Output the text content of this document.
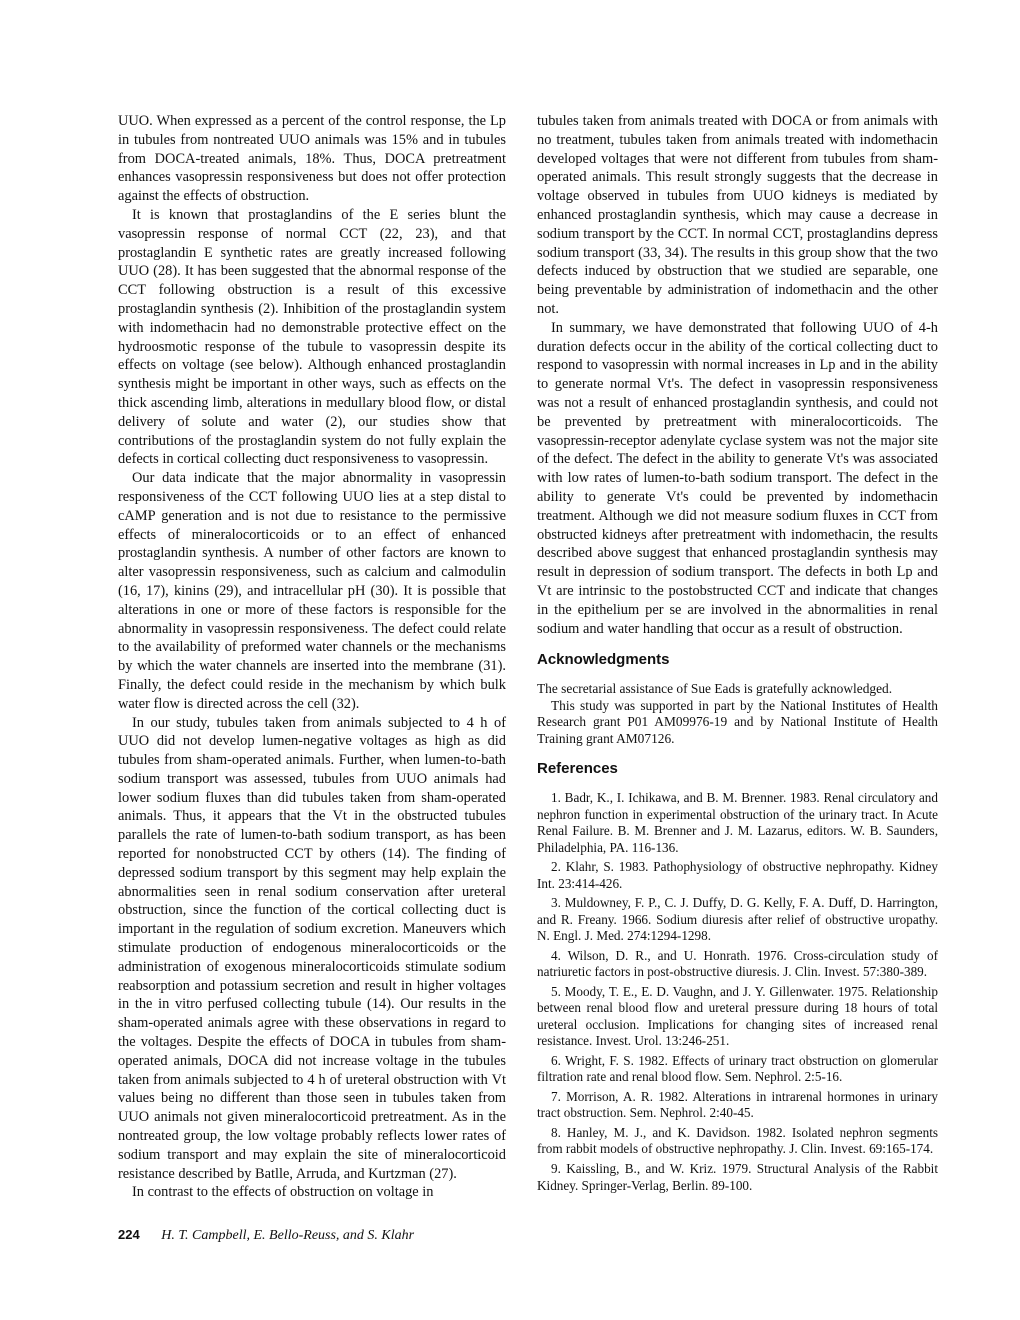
UUO. When expressed as a percent of the control response, the Lp in tubules from nontreated UUO animals was 15% and in tubules from DOCA-treated animals, 18%. Thus, DOCA pretreatment enhances vasopressin responsiveness but does not offer protection against the effects of obstruction.

It is known that prostaglandins of the E series blunt the vasopressin response of normal CCT (22, 23), and that prostaglandin E synthetic rates are greatly increased following UUO (28). It has been suggested that the abnormal response of the CCT following obstruction is a result of this excessive prostaglandin synthesis (2). Inhibition of the prostaglandin system with indomethacin had no demonstrable protective effect on the hydroosmotic response of the tubule to vasopressin despite its effects on voltage (see below). Although enhanced prostaglandin synthesis might be important in other ways, such as effects on the thick ascending limb, alterations in medullary blood flow, or distal delivery of solute and water (2), our studies show that contributions of the prostaglandin system do not fully explain the defects in cortical collecting duct responsiveness to vasopressin.

Our data indicate that the major abnormality in vasopressin responsiveness of the CCT following UUO lies at a step distal to cAMP generation and is not due to resistance to the permissive effects of mineralocorticoids or to an effect of enhanced prostaglandin synthesis. A number of other factors are known to alter vasopressin responsiveness, such as calcium and calmodulin (16, 17), kinins (29), and intracellular pH (30). It is possible that alterations in one or more of these factors is responsible for the abnormality in vasopressin responsiveness. The defect could relate to the availability of preformed water channels or the mechanisms by which the water channels are inserted into the membrane (31). Finally, the defect could reside in the mechanism by which bulk water flow is directed across the cell (32).

In our study, tubules taken from animals subjected to 4 h of UUO did not develop lumen-negative voltages as high as did tubules from sham-operated animals. Further, when lumen-to-bath sodium transport was assessed, tubules from UUO animals had lower sodium fluxes than did tubules taken from sham-operated animals. Thus, it appears that the Vt in the obstructed tubules parallels the rate of lumen-to-bath sodium transport, as has been reported for nonobstructed CCT by others (14). The finding of depressed sodium transport by this segment may help explain the abnormalities seen in renal sodium conservation after ureteral obstruction, since the function of the cortical collecting duct is important in the regulation of sodium excretion. Maneuvers which stimulate production of endogenous mineralocorticoids or the administration of exogenous mineralocorticoids stimulate sodium reabsorption and potassium secretion and result in higher voltages in the in vitro perfused collecting tubule (14). Our results in the sham-operated animals agree with these observations in regard to the voltages. Despite the effects of DOCA in tubules from sham-operated animals, DOCA did not increase voltage in the tubules taken from animals subjected to 4 h of ureteral obstruction with Vt values being no different than those seen in tubules taken from UUO animals not given mineralocorticoid pretreatment. As in the nontreated group, the low voltage probably reflects lower rates of sodium transport and may explain the site of mineralocorticoid resistance described by Batlle, Arruda, and Kurtzman (27).

In contrast to the effects of obstruction on voltage in

tubules taken from animals treated with DOCA or from animals with no treatment, tubules taken from animals treated with indomethacin developed voltages that were not different from tubules from sham-operated animals. This result strongly suggests that the decrease in voltage observed in tubules from UUO kidneys is mediated by enhanced prostaglandin synthesis, which may cause a decrease in sodium transport by the CCT. In normal CCT, prostaglandins depress sodium transport (33, 34). The results in this group show that the two defects induced by obstruction that we studied are separable, one being preventable by administration of indomethacin and the other not.

In summary, we have demonstrated that following UUO of 4-h duration defects occur in the ability of the cortical collecting duct to respond to vasopressin with normal increases in Lp and in the ability to generate normal Vt's. The defect in vasopressin responsiveness was not a result of enhanced prostaglandin synthesis, and could not be prevented by pretreatment with mineralocorticoids. The vasopressin-receptor adenylate cyclase system was not the major site of the defect. The defect in the ability to generate Vt's was associated with low rates of lumen-to-bath sodium transport. The defect in the ability to generate Vt's could be prevented by indomethacin treatment. Although we did not measure sodium fluxes in CCT from obstructed kidneys after pretreatment with indomethacin, the results described above suggest that enhanced prostaglandin synthesis may result in depression of sodium transport. The defects in both Lp and Vt are intrinsic to the postobstructed CCT and indicate that changes in the epithelium per se are involved in the abnormalities in renal sodium and water handling that occur as a result of obstruction.

Acknowledgments

The secretarial assistance of Sue Eads is gratefully acknowledged.

This study was supported in part by the National Institutes of Health Research grant P01 AM09976-19 and by National Institute of Health Training grant AM07126.

References

1. Badr, K., I. Ichikawa, and B. M. Brenner. 1983. Renal circulatory and nephron function in experimental obstruction of the urinary tract. In Acute Renal Failure. B. M. Brenner and J. M. Lazarus, editors. W. B. Saunders, Philadelphia, PA. 116-136.

2. Klahr, S. 1983. Pathophysiology of obstructive nephropathy. Kidney Int. 23:414-426.

3. Muldowney, F. P., C. J. Duffy, D. G. Kelly, F. A. Duff, D. Harrington, and R. Freany. 1966. Sodium diuresis after relief of obstructive uropathy. N. Engl. J. Med. 274:1294-1298.

4. Wilson, D. R., and U. Honrath. 1976. Cross-circulation study of natriuretic factors in post-obstructive diuresis. J. Clin. Invest. 57:380-389.

5. Moody, T. E., E. D. Vaughn, and J. Y. Gillenwater. 1975. Relationship between renal blood flow and ureteral pressure during 18 hours of total ureteral occlusion. Implications for changing sites of increased renal resistance. Invest. Urol. 13:246-251.

6. Wright, F. S. 1982. Effects of urinary tract obstruction on glomerular filtration rate and renal blood flow. Sem. Nephrol. 2:5-16.

7. Morrison, A. R. 1982. Alterations in intrarenal hormones in urinary tract obstruction. Sem. Nephrol. 2:40-45.

8. Hanley, M. J., and K. Davidson. 1982. Isolated nephron segments from rabbit models of obstructive nephropathy. J. Clin. Invest. 69:165-174.

9. Kaissling, B., and W. Kriz. 1979. Structural Analysis of the Rabbit Kidney. Springer-Verlag, Berlin. 89-100.

224 H. T. Campbell, E. Bello-Reuss, and S. Klahr
